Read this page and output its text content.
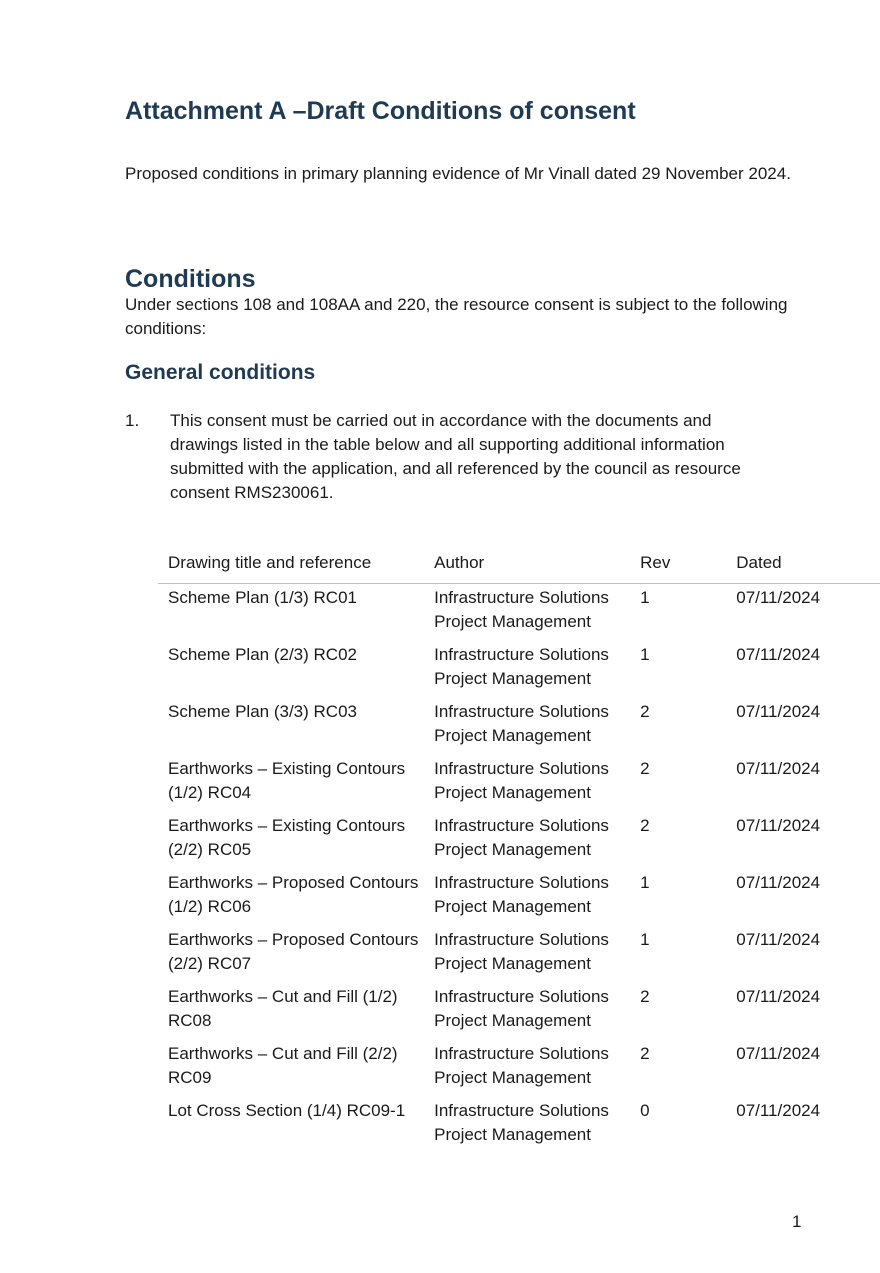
Attachment A –Draft Conditions of consent

Proposed conditions in primary planning evidence of Mr Vinall dated 29 November 2024.

Conditions

Under sections 108 and 108AA and 220, the resource consent is subject to the following conditions:

General conditions
1. This consent must be carried out in accordance with the documents and drawings listed in the table below and all supporting additional information submitted with the application, and all referenced by the council as resource consent RMS230061.
Drawing title and reference	Author	Rev	Dated
Scheme Plan (1/3) RC01	Infrastructure Solutions Project Management	1	07/11/2024
Scheme Plan (2/3) RC02	Infrastructure Solutions Project Management	1	07/11/2024
Scheme Plan (3/3) RC03	Infrastructure Solutions Project Management	2	07/11/2024
Earthworks – Existing Contours (1/2) RC04	Infrastructure Solutions Project Management	2	07/11/2024
Earthworks – Existing Contours (2/2) RC05	Infrastructure Solutions Project Management	2	07/11/2024
Earthworks – Proposed Contours (1/2) RC06	Infrastructure Solutions Project Management	1	07/11/2024
Earthworks – Proposed Contours (2/2) RC07	Infrastructure Solutions Project Management	1	07/11/2024
Earthworks – Cut and Fill (1/2) RC08	Infrastructure Solutions Project Management	2	07/11/2024
Earthworks – Cut and Fill (2/2) RC09	Infrastructure Solutions Project Management	2	07/11/2024
Lot Cross Section (1/4) RC09-1	Infrastructure Solutions Project Management	0	07/11/2024
1
